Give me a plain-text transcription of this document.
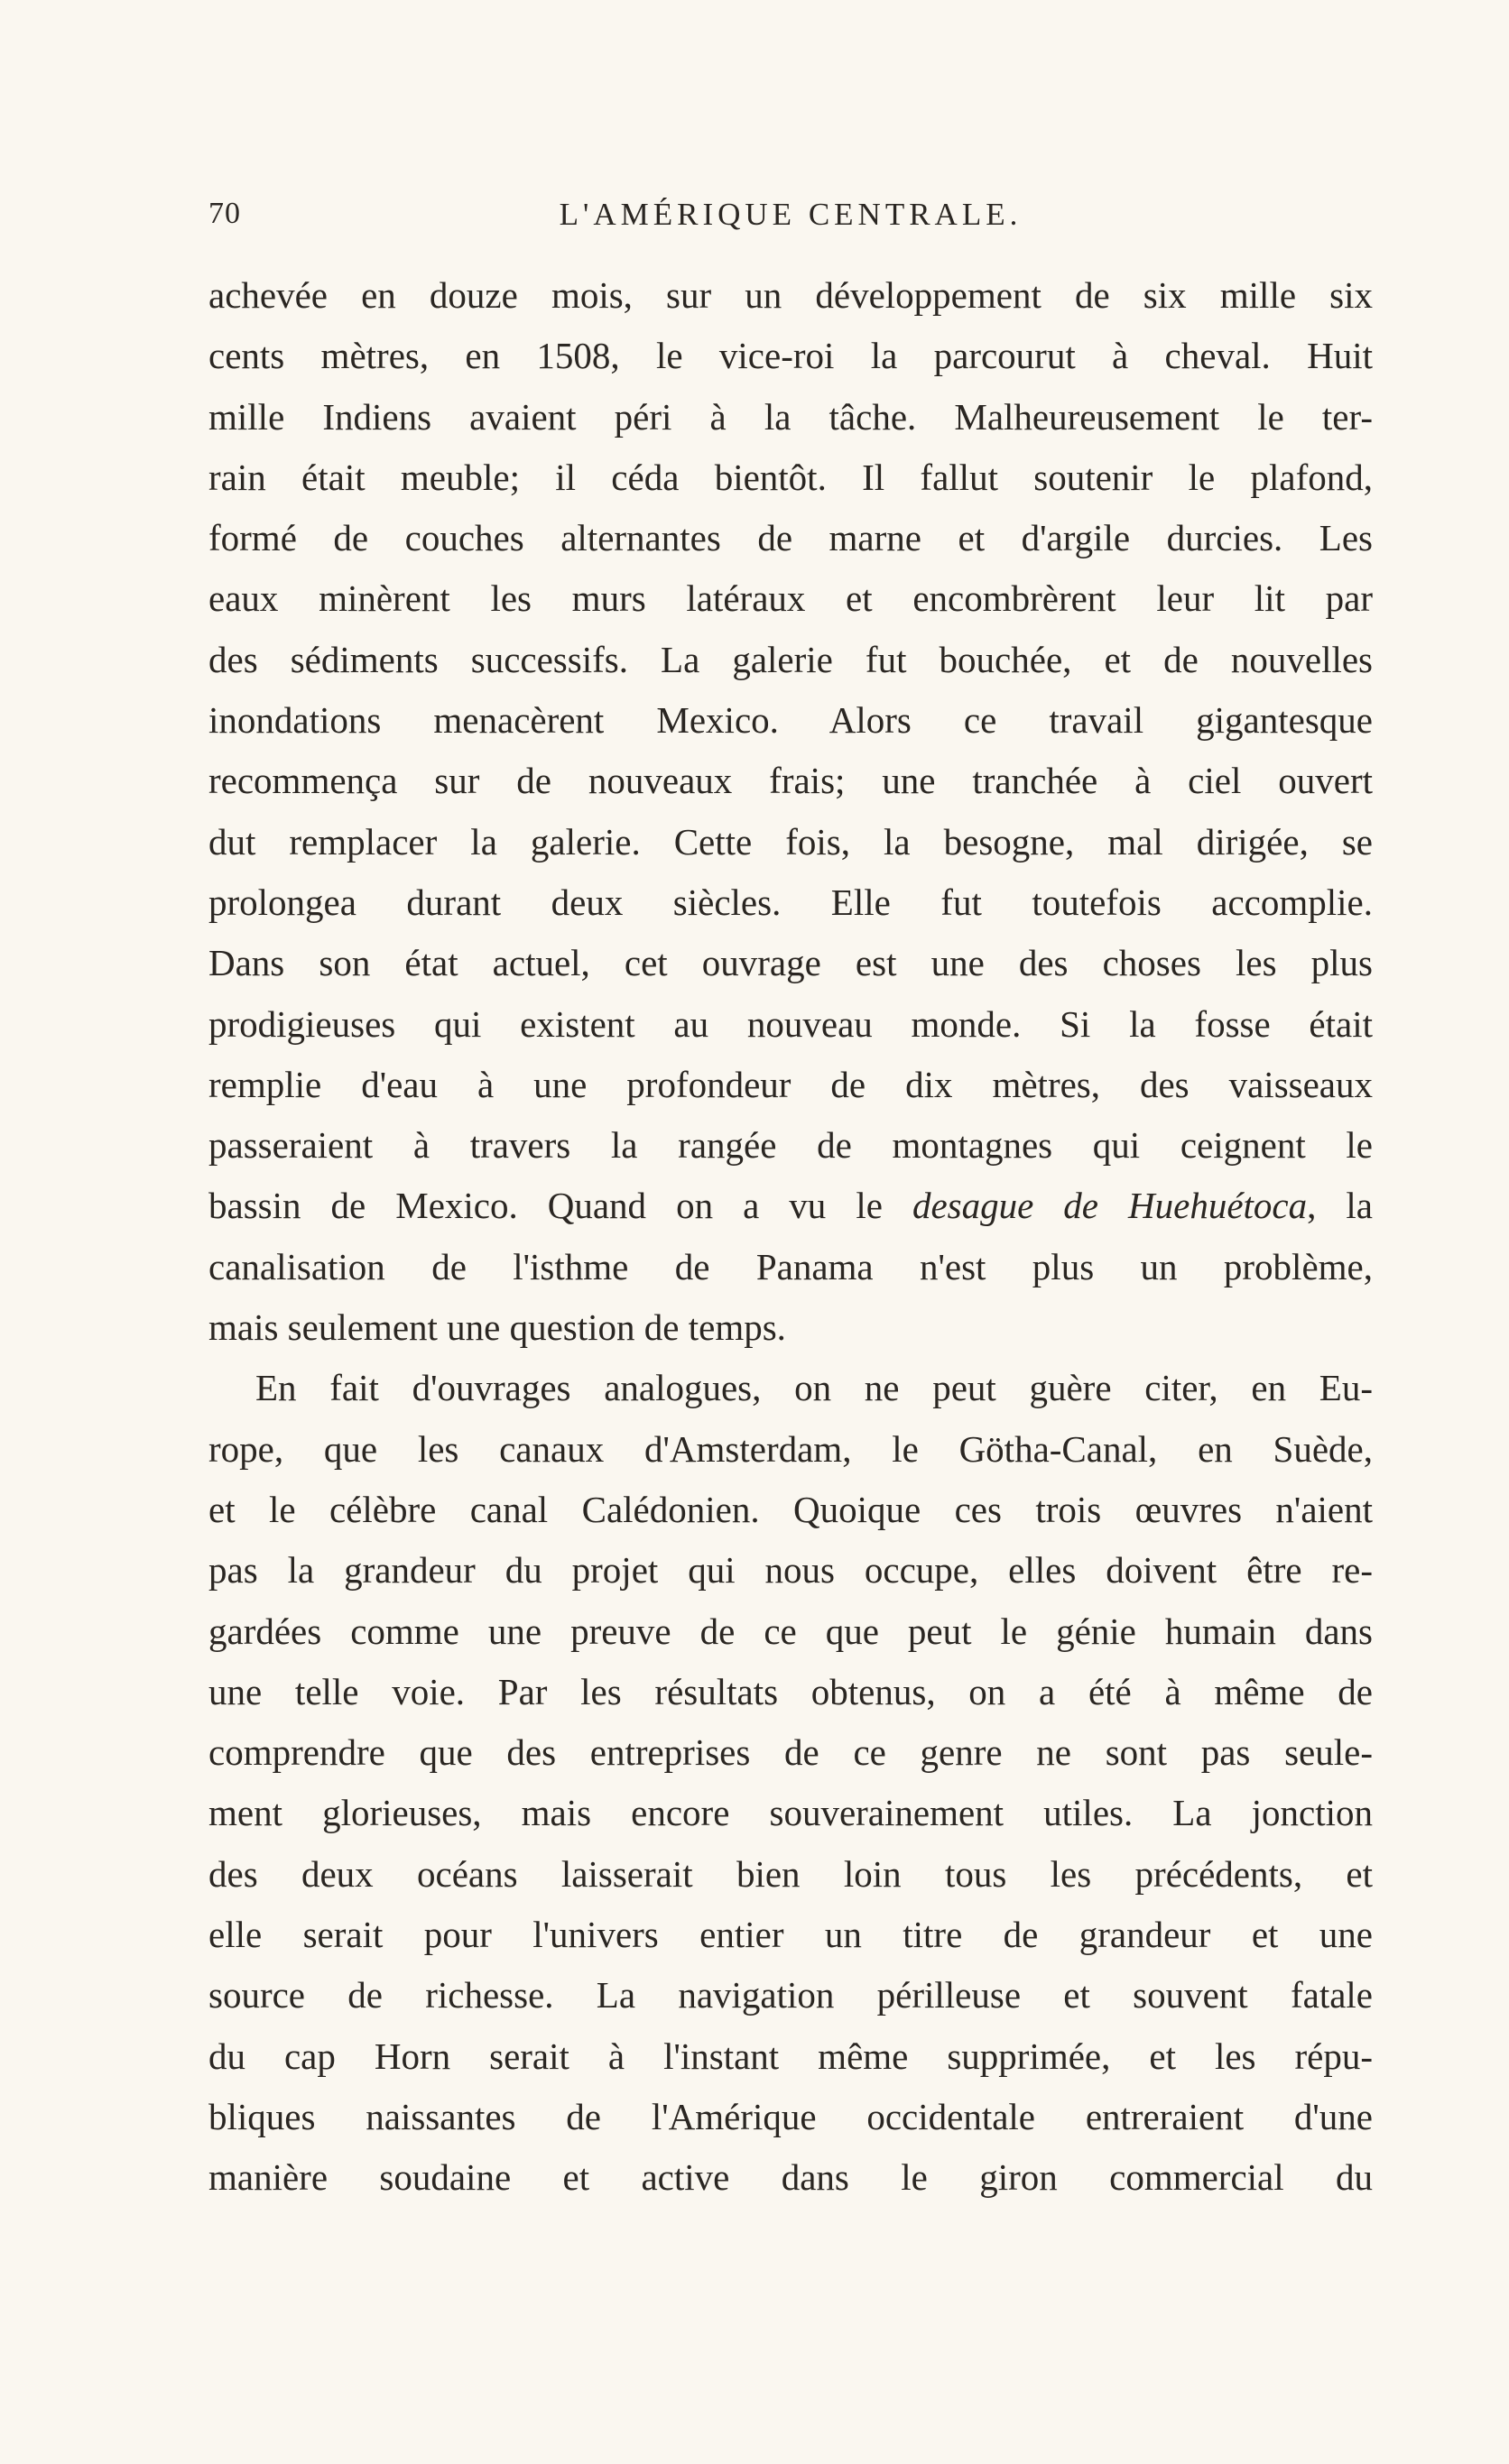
70	L'AMÉRIQUE CENTRALE.
achevée en douze mois, sur un développement de six mille six
cents mètres, en 1508, le vice-roi la parcourut à cheval. Huit
mille Indiens avaient péri à la tâche. Malheureusement le ter-
rain était meuble; il céda bientôt. Il fallut soutenir le plafond,
formé de couches alternantes de marne et d'argile durcies. Les
eaux minèrent les murs latéraux et encombrèrent leur lit par
des sédiments successifs. La galerie fut bouchée, et de nouvelles
inondations menacèrent Mexico. Alors ce travail gigantesque
recommença sur de nouveaux frais; une tranchée à ciel ouvert
dut remplacer la galerie. Cette fois, la besogne, mal dirigée, se
prolongea durant deux siècles. Elle fut toutefois accomplie.
Dans son état actuel, cet ouvrage est une des choses les plus
prodigieuses qui existent au nouveau monde. Si la fosse était
remplie d'eau à une profondeur de dix mètres, des vaisseaux
passeraient à travers la rangée de montagnes qui ceignent le
bassin de Mexico. Quand on a vu le desague de Huehuétoca, la
canalisation de l'isthme de Panama n'est plus un problème,
mais seulement une question de temps.
En fait d'ouvrages analogues, on ne peut guère citer, en Eu-
rope, que les canaux d'Amsterdam, le Götha-Canal, en Suède,
et le célèbre canal Calédonien. Quoique ces trois œuvres n'aient
pas la grandeur du projet qui nous occupe, elles doivent être re-
gardées comme une preuve de ce que peut le génie humain dans
une telle voie. Par les résultats obtenus, on a été à même de
comprendre que des entreprises de ce genre ne sont pas seule-
ment glorieuses, mais encore souverainement utiles. La jonction
des deux océans laisserait bien loin tous les précédents, et
elle serait pour l'univers entier un titre de grandeur et une
source de richesse. La navigation périlleuse et souvent fatale
du cap Horn serait à l'instant même supprimée, et les répu-
bliques naissantes de l'Amérique occidentale entreraient d'une
manière soudaine et active dans le giron commercial du
